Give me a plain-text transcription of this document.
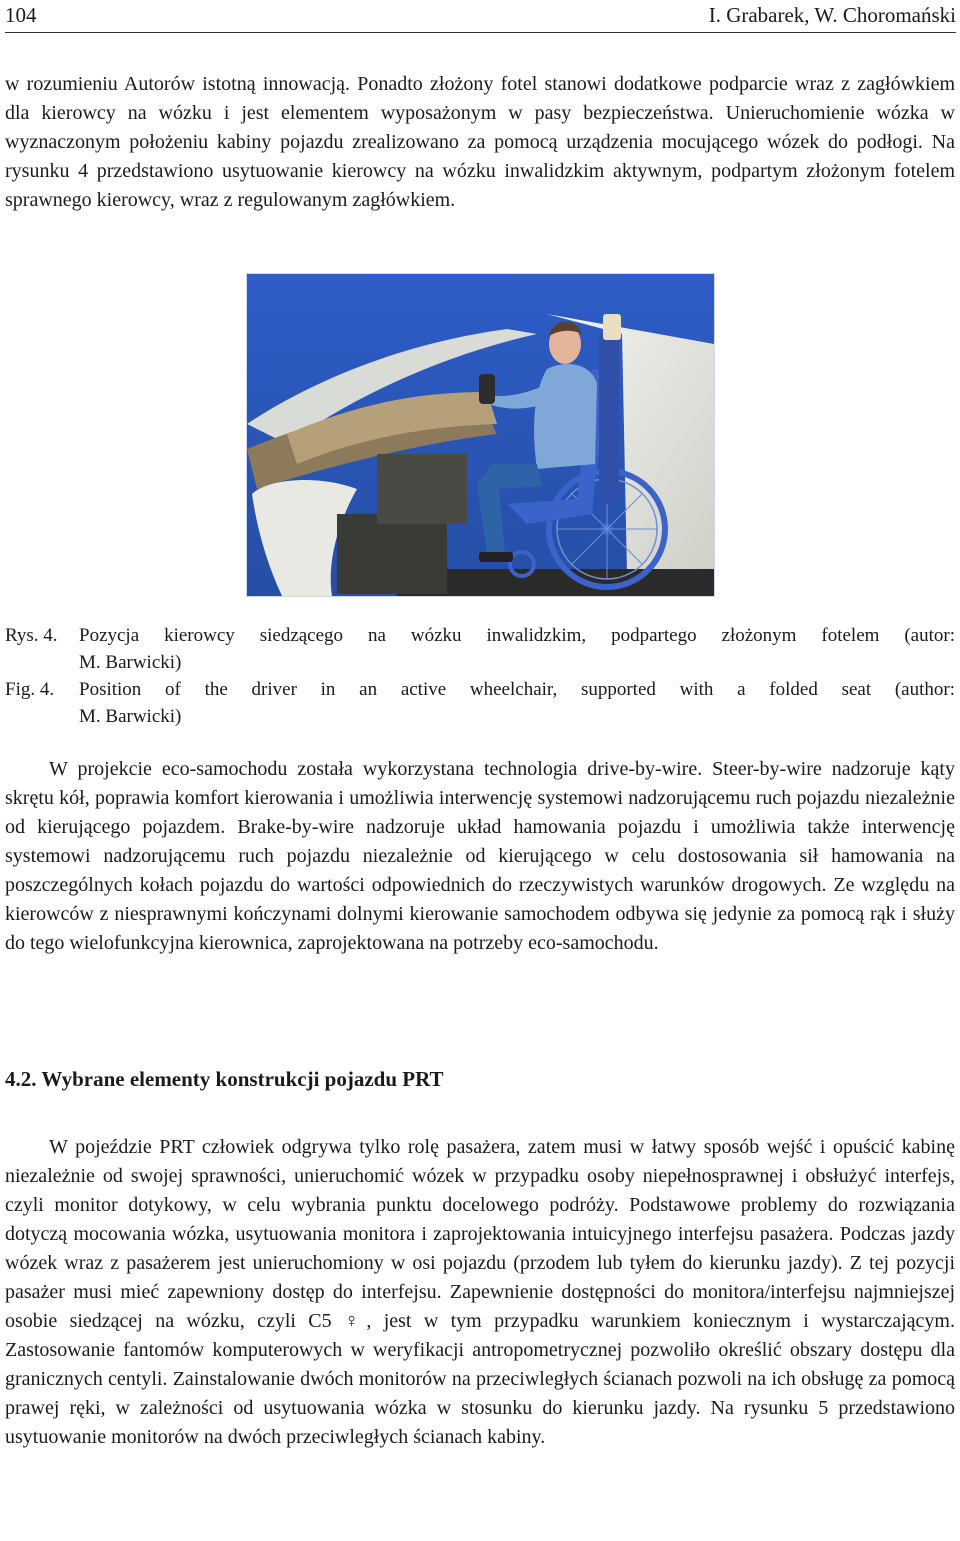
104	I. Grabarek, W. Choromański

w rozumieniu Autorów istotną innowacją. Ponadto złożony fotel stanowi dodatkowe podparcie wraz z zagłówkiem dla kierowcy na wózku i jest elementem wyposażonym w pasy bezpieczeństwa. Unieruchomienie wózka w wyznaczonym położeniu kabiny pojazdu zrealizowano za pomocą urządzenia mocującego wózek do podłogi. Na rysunku 4 przedstawiono usytuowanie kierowcy na wózku inwalidzkim aktywnym, podpartym złożonym fotelem sprawnego kierowcy, wraz z regulowanym zagłówkiem.

Rys. 4. Pozycja kierowcy siedzącego na wózku inwalidzkim, podpartego złożonym fotelem (autor:
M. Barwicki)
Fig. 4. Position of the driver in an active wheelchair, supported with a folded seat (author:
M. Barwicki)

W projekcie eco-samochodu została wykorzystana technologia drive-by-wire. Steer-by-wire nadzoruje kąty skrętu kół, poprawia komfort kierowania i umożliwia interwencję systemowi nadzorującemu ruch pojazdu niezależnie od kierującego pojazdem. Brake-by-wire nadzoruje układ hamowania pojazdu i umożliwia także interwencję systemowi nadzorującemu ruch pojazdu niezależnie od kierującego w celu dostosowania sił hamowania na poszczególnych kołach pojazdu do wartości odpowiednich do rzeczywistych warunków drogowych. Ze względu na kierowców z niesprawnymi kończynami dolnymi kierowanie samochodem odbywa się jedynie za pomocą rąk i służy do tego wielofunkcyjna kierownica, zaprojektowana na potrzeby eco-samochodu.

4.2. Wybrane elementy konstrukcji pojazdu PRT

W pojeździe PRT człowiek odgrywa tylko rolę pasażera, zatem musi w łatwy sposób wejść i opuścić kabinę niezależnie od swojej sprawności, unieruchomić wózek w przypadku osoby niepełnosprawnej i obsłużyć interfejs, czyli monitor dotykowy, w celu wybrania punktu docelowego podróży. Podstawowe problemy do rozwiązania dotyczą mocowania wózka, usytuowania monitora i zaprojektowania intuicyjnego interfejsu pasażera. Podczas jazdy wózek wraz z pasażerem jest unieruchomiony w osi pojazdu (przodem lub tyłem do kierunku jazdy). Z tej pozycji pasażer musi mieć zapewniony dostęp do interfejsu. Zapewnienie dostępności do monitora/interfejsu najmniejszej osobie siedzącej na wózku, czyli C5 ♀, jest w tym przypadku warunkiem koniecznym i wystarczającym. Zastosowanie fantomów komputerowych w weryfikacji antropometrycznej pozwoliło określić obszary dostępu dla granicznych centyli. Zainstalowanie dwóch monitorów na przeciwległych ścianach pozwoli na ich obsługę za pomocą prawej ręki, w zależności od usytuowania wózka w stosunku do kierunku jazdy. Na rysunku 5 przedstawiono usytuowanie monitorów na dwóch przeciwległych ścianach kabiny.
